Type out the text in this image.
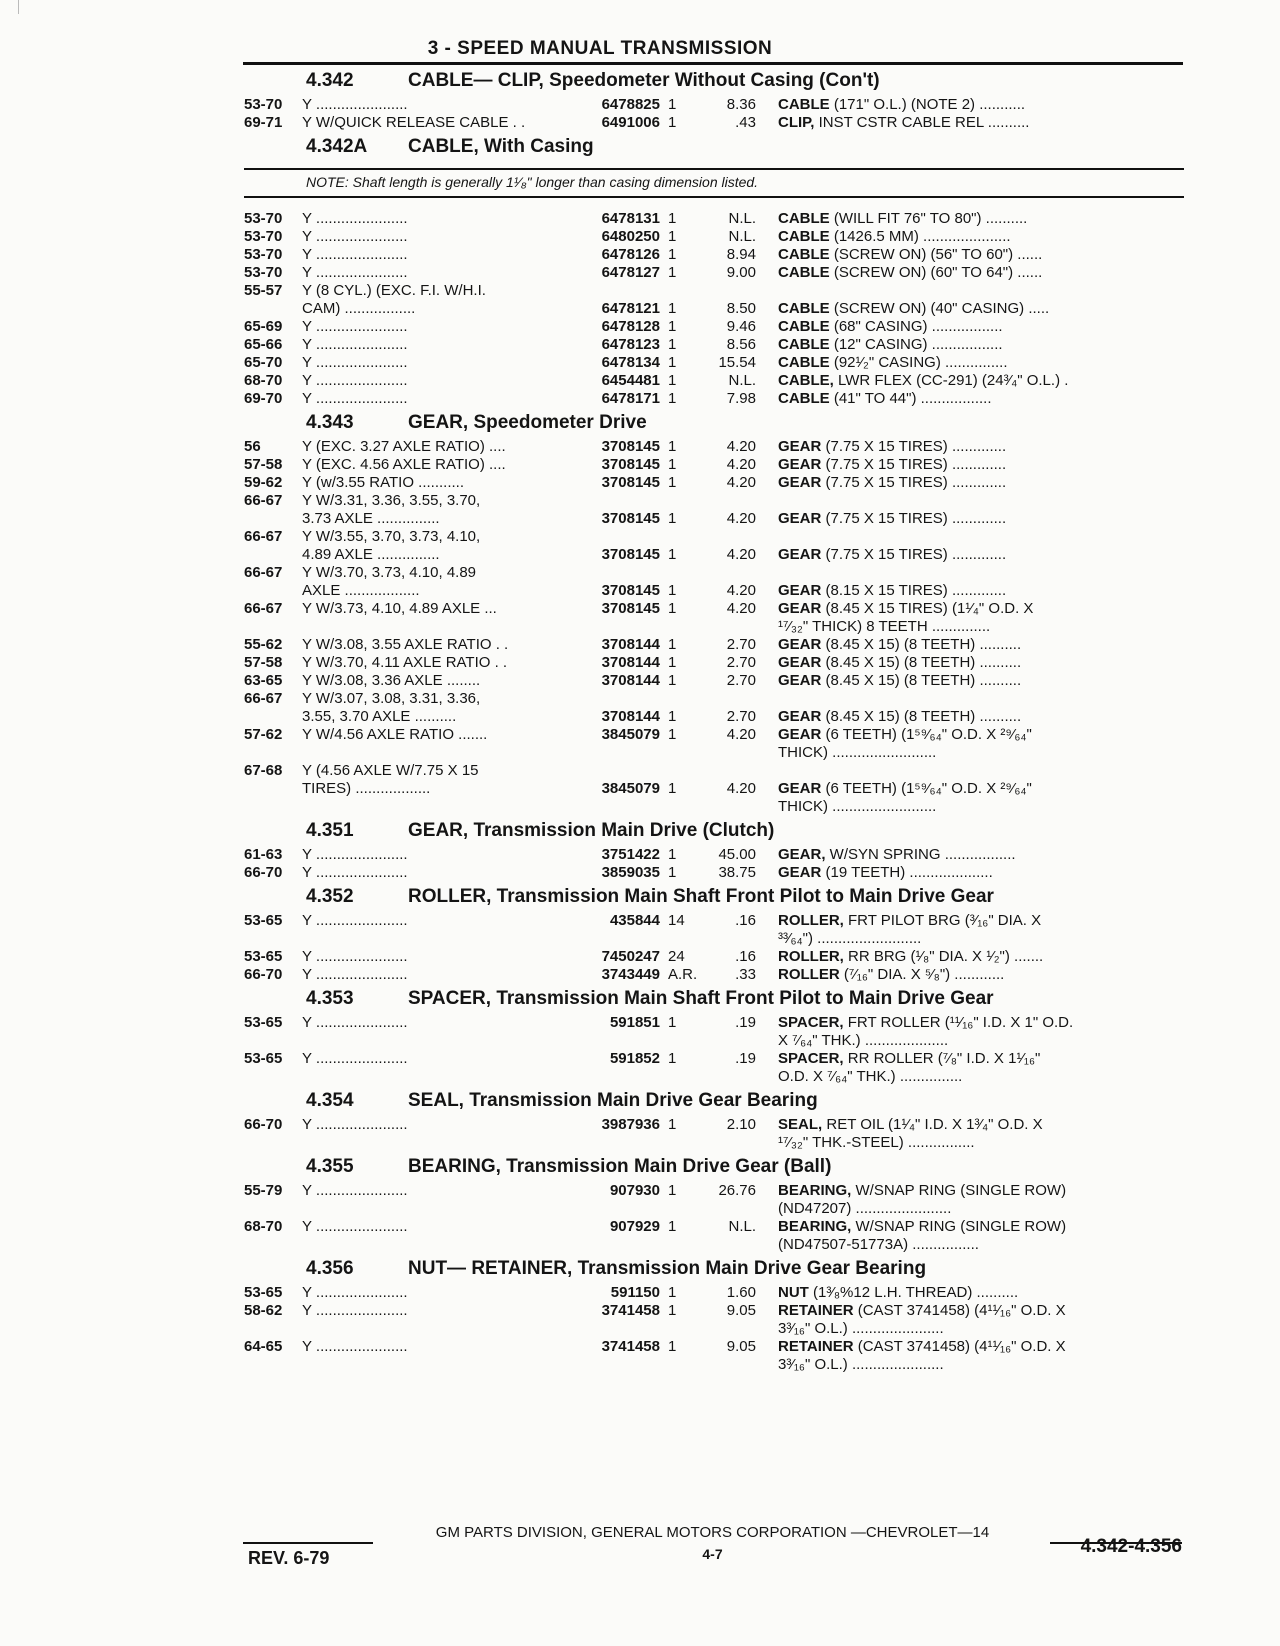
3 - SPEED MANUAL TRANSMISSION
4.342	CABLE— CLIP, Speedometer Without Casing (Con't)
53-70	Y ......................	6478825 1	8.36	CABLE (171" O.L.) (NOTE 2) ...........
69-71	Y W/QUICK RELEASE CABLE . .	6491006 1	.43	CLIP, INST CSTR CABLE REL ..........
4.342A	CABLE, With Casing
NOTE: Shaft length is generally 1¹⁄₈" longer than casing dimension listed.
53-70	Y ......................	6478131 1	N.L.	CABLE (WILL FIT 76" TO 80") ..........
53-70	Y ......................	6480250 1	N.L.	CABLE (1426.5 MM) .....................
53-70	Y ......................	6478126 1	8.94	CABLE (SCREW ON) (56" TO 60") ......
53-70	Y ......................	6478127 1	9.00	CABLE (SCREW ON) (60" TO 64") ......
55-57	Y (8 CYL.) (EXC. F.I. W/H.I.
CAM) .................	6478121 1	8.50	CABLE (SCREW ON) (40" CASING) .....
65-69	Y ......................	6478128 1	9.46	CABLE (68" CASING) .................
65-66	Y ......................	6478123 1	8.56	CABLE (12" CASING) .................
65-70	Y ......................	6478134 1	15.54	CABLE (92¹⁄₂" CASING) ...............
68-70	Y ......................	6454481 1	N.L.	CABLE, LWR FLEX (CC-291) (24³⁄₄" O.L.) .
69-70	Y ......................	6478171 1	7.98	CABLE (41" TO 44") .................
4.343	GEAR, Speedometer Drive
56	Y (EXC. 3.27 AXLE RATIO) ....	3708145 1	4.20	GEAR (7.75 X 15 TIRES) .............
57-58	Y (EXC. 4.56 AXLE RATIO) ....	3708145 1	4.20	GEAR (7.75 X 15 TIRES) .............
59-62	Y (w/3.55 RATIO ...........	3708145 1	4.20	GEAR (7.75 X 15 TIRES) .............
66-67	Y W/3.31, 3.36, 3.55, 3.70,
3.73 AXLE ...............	3708145 1	4.20	GEAR (7.75 X 15 TIRES) .............
66-67	Y W/3.55, 3.70, 3.73, 4.10,
4.89 AXLE ...............	3708145 1	4.20	GEAR (7.75 X 15 TIRES) .............
66-67	Y W/3.70, 3.73, 4.10, 4.89
AXLE ..................	3708145 1	4.20	GEAR (8.15 X 15 TIRES) .............
66-67	Y W/3.73, 4.10, 4.89 AXLE ...	3708145 1	4.20	GEAR (8.45 X 15 TIRES) (1¹⁄₄" O.D. X
¹⁷⁄₃₂" THICK) 8 TEETH ..............
55-62	Y W/3.08, 3.55 AXLE RATIO . .	3708144 1	2.70	GEAR (8.45 X 15) (8 TEETH) ..........
57-58	Y W/3.70, 4.11 AXLE RATIO . .	3708144 1	2.70	GEAR (8.45 X 15) (8 TEETH) ..........
63-65	Y W/3.08, 3.36 AXLE ........	3708144 1	2.70	GEAR (8.45 X 15) (8 TEETH) ..........
66-67	Y W/3.07, 3.08, 3.31, 3.36,
3.55, 3.70 AXLE ..........	3708144 1	2.70	GEAR (8.45 X 15) (8 TEETH) ..........
57-62	Y W/4.56 AXLE RATIO .......	3845079 1	4.20	GEAR (6 TEETH) (1⁵⁹⁄₆₄" O.D. X ²⁹⁄₆₄"
THICK) .........................
67-68	Y (4.56 AXLE W/7.75 X 15
TIRES) ..................	3845079 1	4.20	GEAR (6 TEETH) (1⁵⁹⁄₆₄" O.D. X ²⁹⁄₆₄"
THICK) .........................
4.351	GEAR, Transmission Main Drive (Clutch)
61-63	Y ......................	3751422 1	45.00	GEAR, W/SYN SPRING .................
66-70	Y ......................	3859035 1	38.75	GEAR (19 TEETH) ....................
4.352	ROLLER, Transmission Main Shaft Front Pilot to Main Drive Gear
53-65	Y ......................	435844 14	.16	ROLLER, FRT PILOT BRG (³⁄₁₆" DIA. X
³³⁄₆₄") .........................
53-65	Y ......................	7450247 24	.16	ROLLER, RR BRG (¹⁄₈" DIA. X ¹⁄₂") .......
66-70	Y ......................	3743449 A.R.	.33	ROLLER (⁷⁄₁₆" DIA. X ⁵⁄₈") ............
4.353	SPACER, Transmission Main Shaft Front Pilot to Main Drive Gear
53-65	Y ......................	591851 1	.19	SPACER, FRT ROLLER (¹¹⁄₁₆" I.D. X 1" O.D.
X ⁷⁄₆₄" THK.) ....................
53-65	Y ......................	591852 1	.19	SPACER, RR ROLLER (⁷⁄₈" I.D. X 1¹⁄₁₆"
O.D. X ⁷⁄₆₄" THK.) ...............
4.354	SEAL, Transmission Main Drive Gear Bearing
66-70	Y ......................	3987936 1	2.10	SEAL, RET OIL (1¹⁄₄" I.D. X 1³⁄₄" O.D. X
¹⁷⁄₃₂" THK.-STEEL) ................
4.355	BEARING, Transmission Main Drive Gear (Ball)
55-79	Y ......................	907930 1	26.76	BEARING, W/SNAP RING (SINGLE ROW)
(ND47207) .......................
68-70	Y ......................	907929 1	N.L.	BEARING, W/SNAP RING (SINGLE ROW)
(ND47507-51773A) ................
4.356	NUT— RETAINER, Transmission Main Drive Gear Bearing
53-65	Y ......................	591150 1	1.60	NUT (1³⁄₈%12 L.H. THREAD) ..........
58-62	Y ......................	3741458 1	9.05	RETAINER (CAST 3741458) (4¹¹⁄₁₆" O.D. X
3³⁄₁₆" O.L.) ......................
64-65	Y ......................	3741458 1	9.05	RETAINER (CAST 3741458) (4¹¹⁄₁₆" O.D. X
3³⁄₁₆" O.L.) ......................
GM PARTS DIVISION, GENERAL MOTORS CORPORATION —CHEVROLET—14
4-7
REV. 6-79
4.342-4.356
